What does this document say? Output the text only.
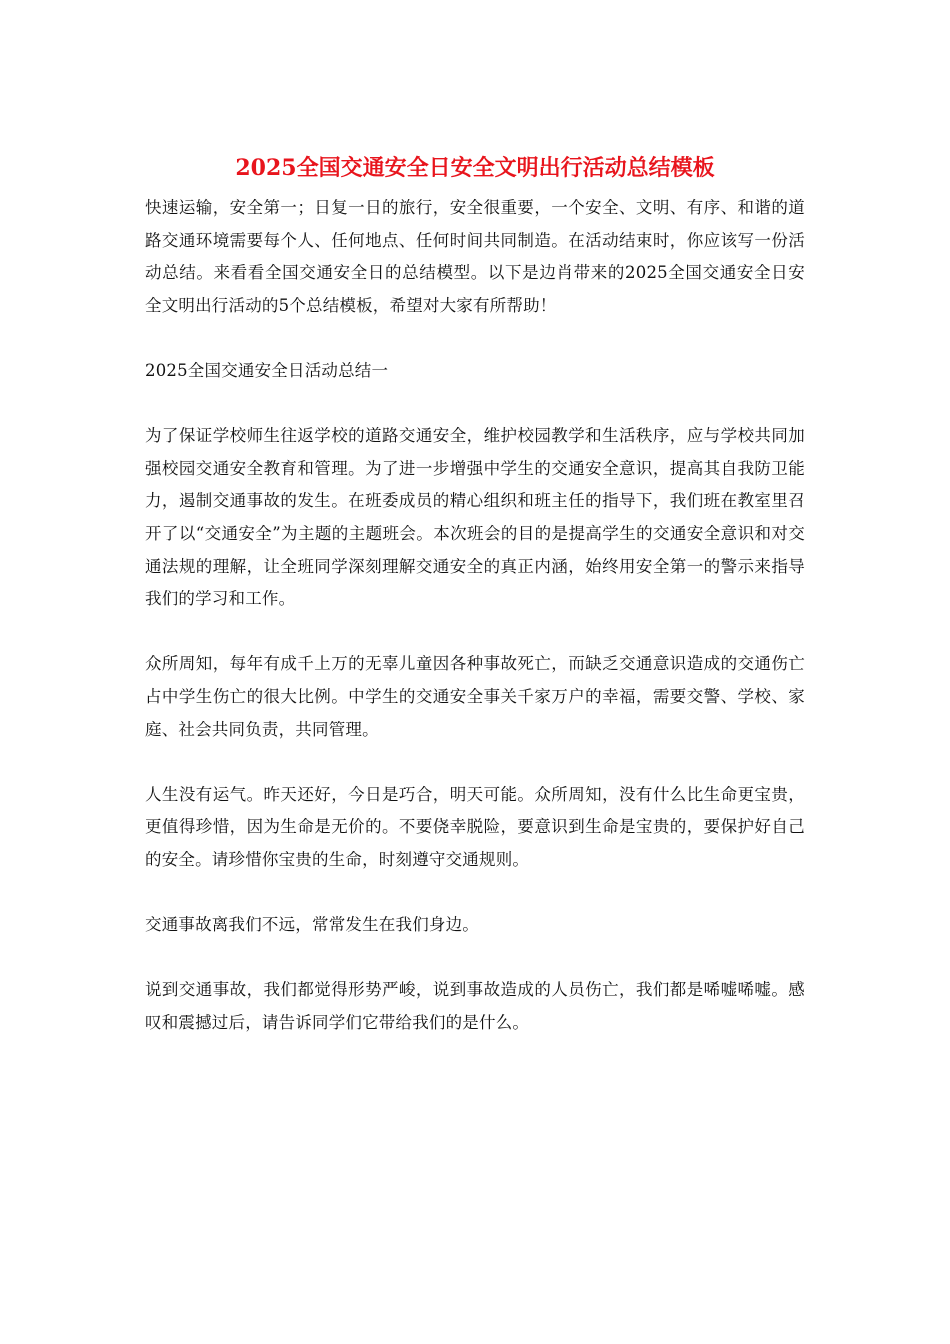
2025全国交通安全日安全文明出行活动总结模板

快速运输，安全第一；日复一日的旅行，安全很重要，一个安全、文明、有序、和谐的道路交通环境需要每个人、任何地点、任何时间共同制造。在活动结束时，你应该写一份活动总结。来看看全国交通安全日的总结模型。以下是边肖带来的2025全国交通安全日安全文明出行活动的5个总结模板，希望对大家有所帮助！

2025全国交通安全日活动总结一

为了保证学校师生往返学校的道路交通安全，维护校园教学和生活秩序，应与学校共同加强校园交通安全教育和管理。为了进一步增强中学生的交通安全意识，提高其自我防卫能力，遏制交通事故的发生。在班委成员的精心组织和班主任的指导下，我们班在教室里召开了以“交通安全”为主题的主题班会。本次班会的目的是提高学生的交通安全意识和对交通法规的理解，让全班同学深刻理解交通安全的真正内涵，始终用安全第一的警示来指导我们的学习和工作。

众所周知，每年有成千上万的无辜儿童因各种事故死亡，而缺乏交通意识造成的交通伤亡占中学生伤亡的很大比例。中学生的交通安全事关千家万户的幸福，需要交警、学校、家庭、社会共同负责，共同管理。

人生没有运气。昨天还好，今日是巧合，明天可能。众所周知，没有什么比生命更宝贵，更值得珍惜，因为生命是无价的。不要侥幸脱险，要意识到生命是宝贵的，要保护好自己的安全。请珍惜你宝贵的生命，时刻遵守交通规则。

交通事故离我们不远，常常发生在我们身边。

说到交通事故，我们都觉得形势严峻，说到事故造成的人员伤亡，我们都是唏嘘唏嘘。感叹和震撼过后，请告诉同学们它带给我们的是什么。
